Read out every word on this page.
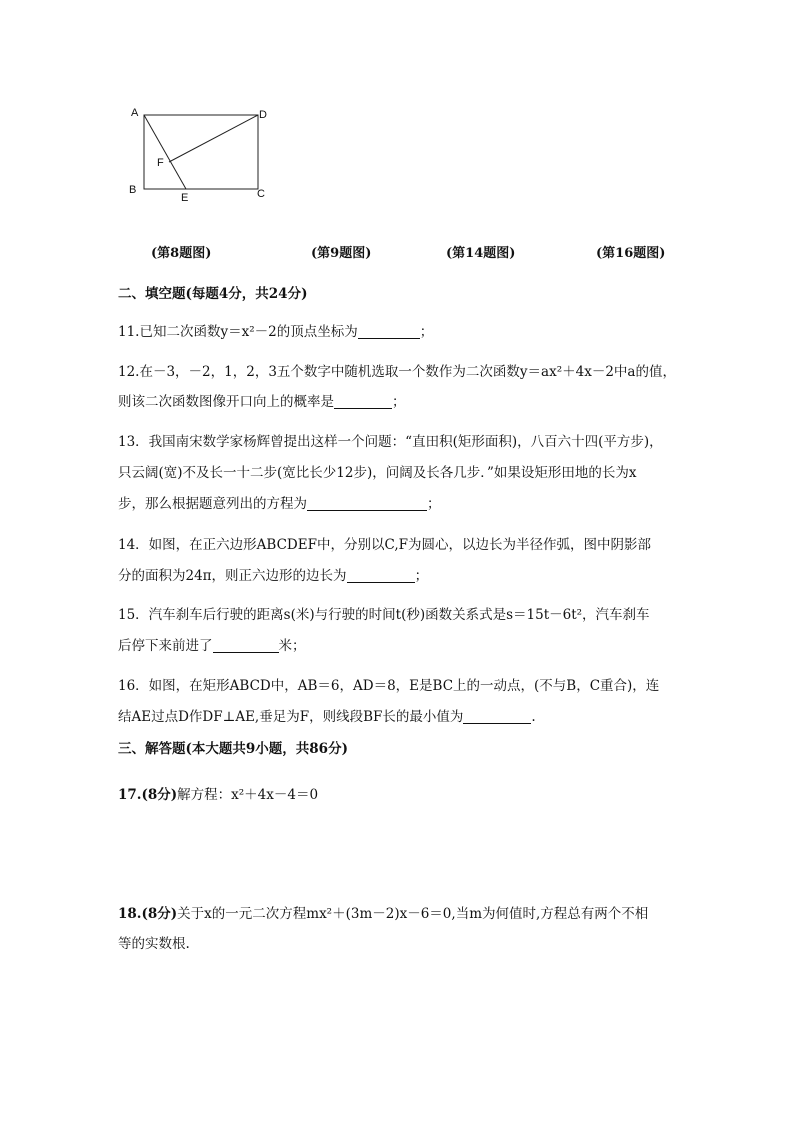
A	D
F
B
E	C
(第8题图)	(第9题图)	(第14题图)	(第16题图)
二、填空题(每题4分，共24分)
11.已知二次函数y＝x²－2的顶点坐标为	；
12.在－3，－2，1，2，3五个数字中随机选取一个数作为二次函数y＝ax²＋4x－2中a的值，
则该二次函数图像开口向上的概率是	；
13．我国南宋数学家杨辉曾提出这样一个问题：“直田积(矩形面积)，八百六十四(平方步)，
只云阔(宽)不及长一十二步(宽比长少12步)，问阔及长各几步．”如果设矩形田地的长为x
步，那么根据题意列出的方程为	；
14．如图，在正六边形ABCDEF中，分别以C,F为圆心，以边长为半径作弧，图中阴影部
分的面积为24π，则正六边形的边长为	；
15．汽车刹车后行驶的距离s(米)与行驶的时间t(秒)函数关系式是s＝15t－6t²，汽车刹车
后停下来前进了	米；
16．如图，在矩形ABCD中，AB＝6，AD＝8，E是BC上的一动点，(不与B，C重合)，连
结AE过点D作DF⊥AE,垂足为F，则线段BF长的最小值为	.
三、解答题(本大题共9小题，共86分)
17.(8分)解方程：x²＋4x－4＝0
18.(8分)关于x的一元二次方程mx²＋(3m－2)x－6＝0,当m为何值时,方程总有两个不相
等的实数根.
